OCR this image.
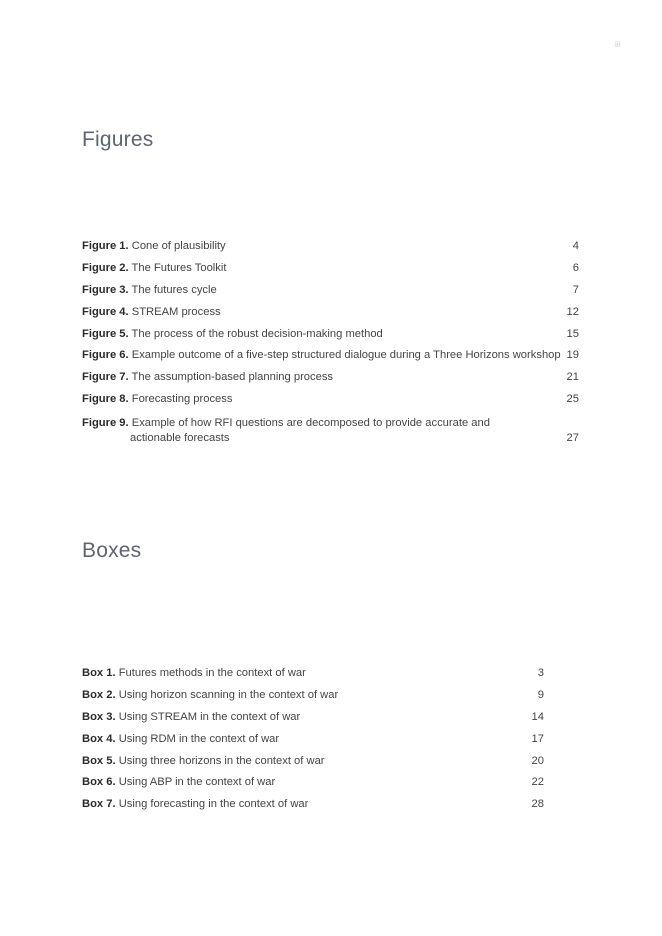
iii
Figures
Figure 1. Cone of plausibility	4
Figure 2. The Futures Toolkit	6
Figure 3. The futures cycle	7
Figure 4. STREAM process	12
Figure 5. The process of the robust decision-making method	15
Figure 6. Example outcome of a five-step structured dialogue during a Three Horizons workshop 19
Figure 7. The assumption-based planning process	21
Figure 8. Forecasting process	25
Figure 9. Example of how RFI questions are decomposed to provide accurate and
actionable forecasts	27
Boxes
Box 1. Futures methods in the context of war	3
Box 2. Using horizon scanning in the context of war	9
Box 3. Using STREAM in the context of war	14
Box 4. Using RDM in the context of war	17
Box 5. Using three horizons in the context of war	20
Box 6. Using ABP in the context of war	22
Box 7. Using forecasting in the context of war	28
